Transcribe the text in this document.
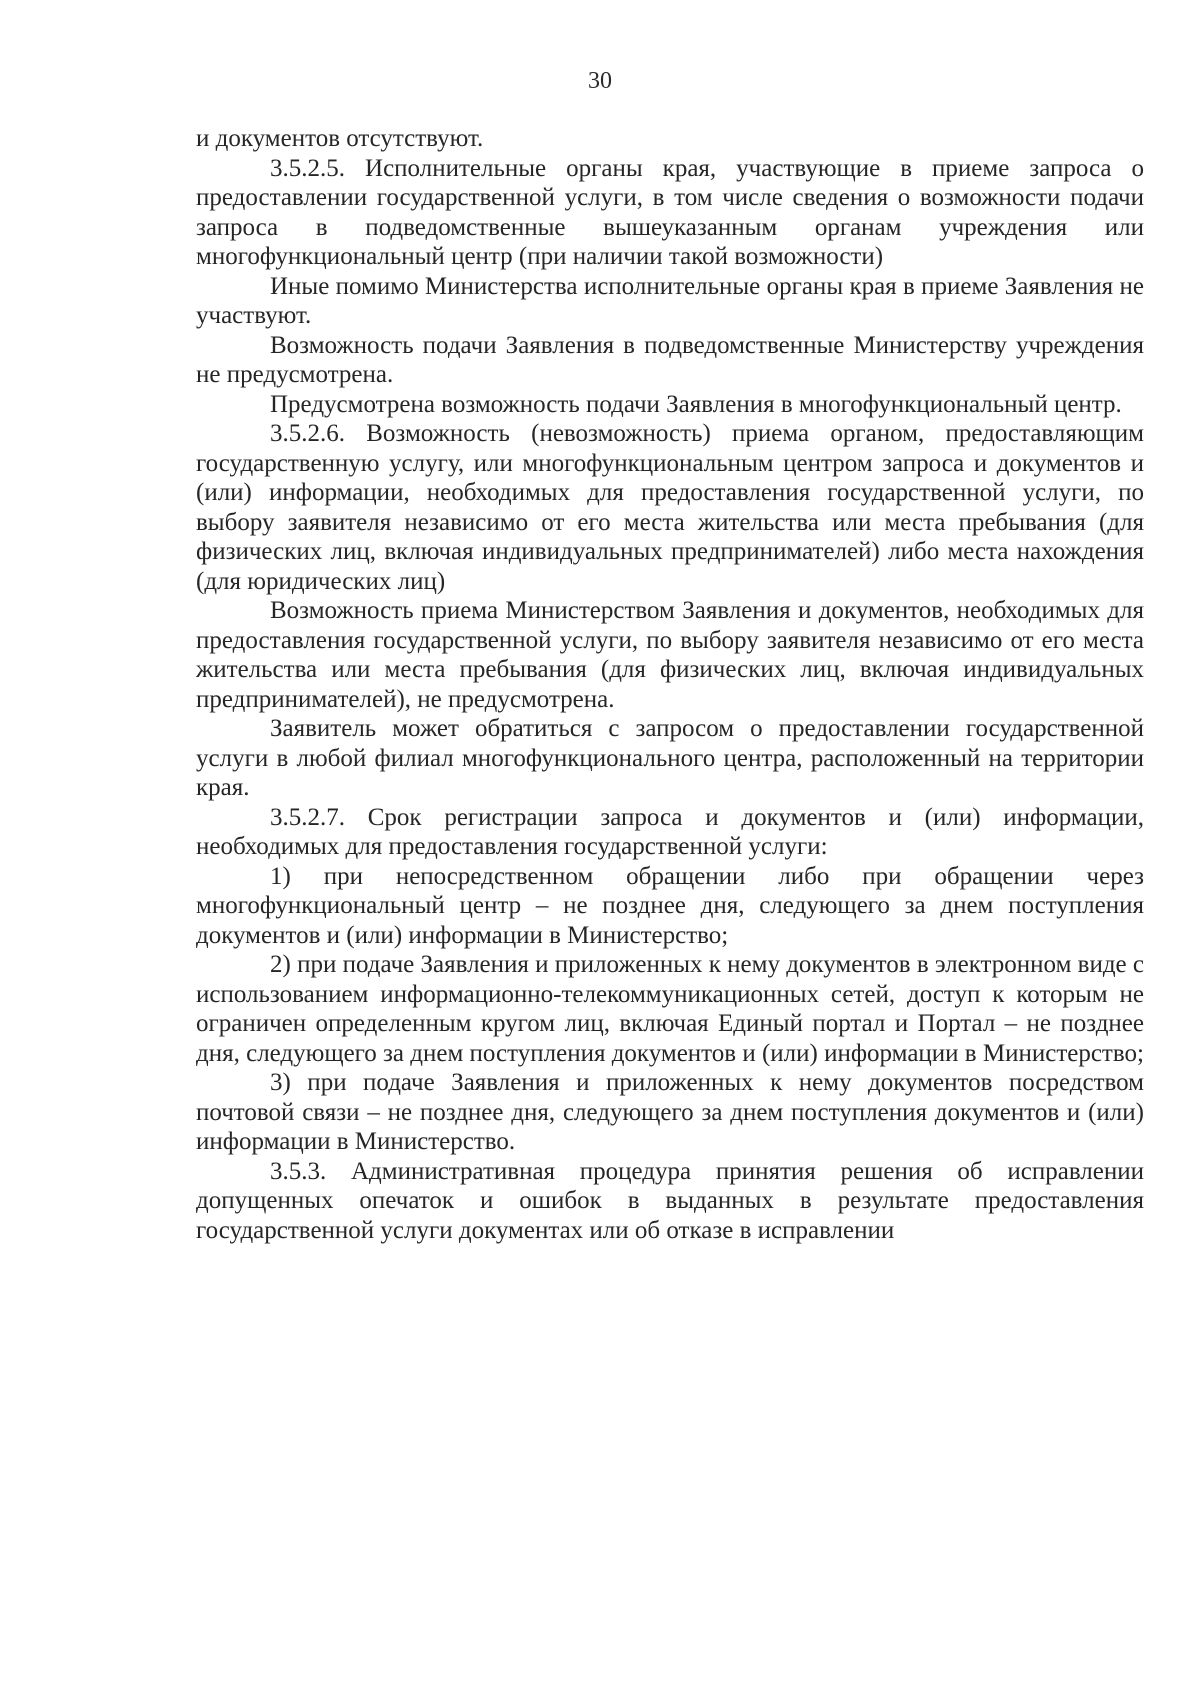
30

и документов отсутствуют.

3.5.2.5. Исполнительные органы края, участвующие в приеме запроса о предоставлении государственной услуги, в том числе сведения о возможности подачи запроса в подведомственные вышеуказанным органам учреждения или многофункциональный центр (при наличии такой возможности)

Иные помимо Министерства исполнительные органы края в приеме Заявления не участвуют.

Возможность подачи Заявления в подведомственные Министерству учреждения не предусмотрена.

Предусмотрена возможность подачи Заявления в многофункциональный центр.

3.5.2.6. Возможность (невозможность) приема органом, предоставляющим государственную услугу, или многофункциональным центром запроса и документов и (или) информации, необходимых для предоставления государственной услуги, по выбору заявителя независимо от его места жительства или места пребывания (для физических лиц, включая индивидуальных предпринимателей) либо места нахождения (для юридических лиц)

Возможность приема Министерством Заявления и документов, необходимых для предоставления государственной услуги, по выбору заявителя независимо от его места жительства или места пребывания (для физических лиц, включая индивидуальных предпринимателей), не предусмотрена.

Заявитель может обратиться с запросом о предоставлении государственной услуги в любой филиал многофункционального центра, расположенный на территории края.

3.5.2.7. Срок регистрации запроса и документов и (или) информации, необходимых для предоставления государственной услуги:

1) при непосредственном обращении либо при обращении через многофункциональный центр – не позднее дня, следующего за днем поступления документов и (или) информации в Министерство;

2) при подаче Заявления и приложенных к нему документов в электронном виде с использованием информационно-телекоммуникационных сетей, доступ к которым не ограничен определенным кругом лиц, включая Единый портал и Портал – не позднее дня, следующего за днем поступления документов и (или) информации в Министерство;

3) при подаче Заявления и приложенных к нему документов посредством почтовой связи – не позднее дня, следующего за днем поступления документов и (или) информации в Министерство.

3.5.3. Административная процедура принятия решения об исправлении допущенных опечаток и ошибок в выданных в результате предоставления государственной услуги документах или об отказе в исправлении
